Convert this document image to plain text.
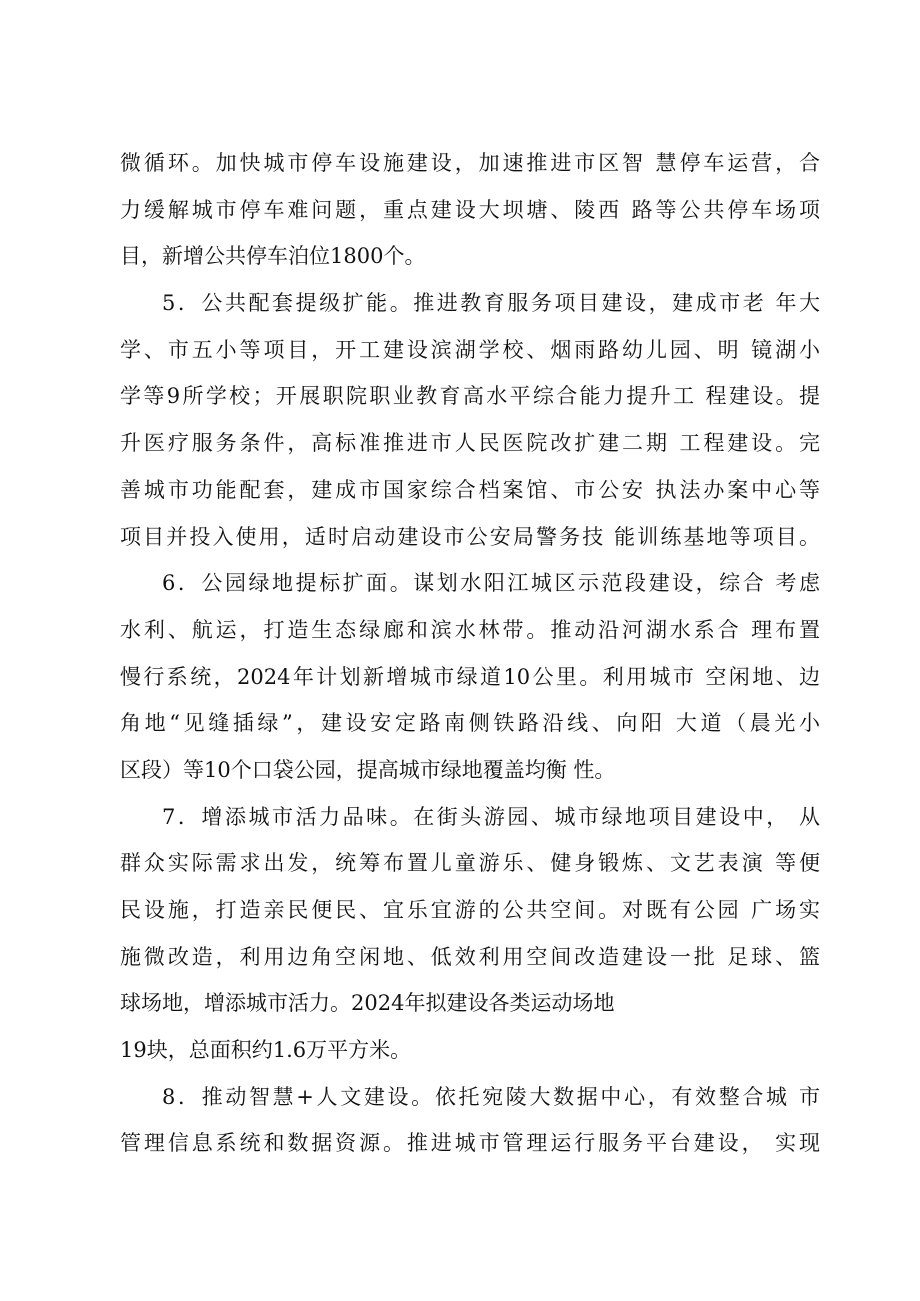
微循环。加快城市停车设施建设，加速推进市区智 慧停车运营，合
力缓解城市停车难问题，重点建设大坝塘、陵西 路等公共停车场项
目，新增公共停车泊位1800个。
5．公共配套提级扩能。推进教育服务项目建设，建成市老 年大
学、市五小等项目，开工建设滨湖学校、烟雨路幼儿园、明 镜湖小
学等9所学校；开展职院职业教育高水平综合能力提升工 程建设。提
升医疗服务条件，高标准推进市人民医院改扩建二期 工程建设。完
善城市功能配套，建成市国家综合档案馆、市公安 执法办案中心等
项目并投入使用，适时启动建设市公安局警务技 能训练基地等项目。
6．公园绿地提标扩面。谋划水阳江城区示范段建设，综合 考虑
水利、航运，打造生态绿廊和滨水林带。推动沿河湖水系合 理布置
慢行系统，2024年计划新增城市绿道10公里。利用城市 空闲地、边
角地“见缝插绿”，建设安定路南侧铁路沿线、向阳 大道（晨光小
区段）等10个口袋公园，提高城市绿地覆盖均衡 性。
7．增添城市活力品味。在街头游园、城市绿地项目建设中， 从
群众实际需求出发，统筹布置儿童游乐、健身锻炼、文艺表演 等便
民设施，打造亲民便民、宜乐宜游的公共空间。对既有公园 广场实
施微改造，利用边角空闲地、低效利用空间改造建设一批 足球、篮
球场地，增添城市活力。2024年拟建设各类运动场地
19块，总面积约1.6万平方米。
8．推动智慧+人文建设。依托宛陵大数据中心，有效整合城 市
管理信息系统和数据资源。推进城市管理运行服务平台建设， 实现
